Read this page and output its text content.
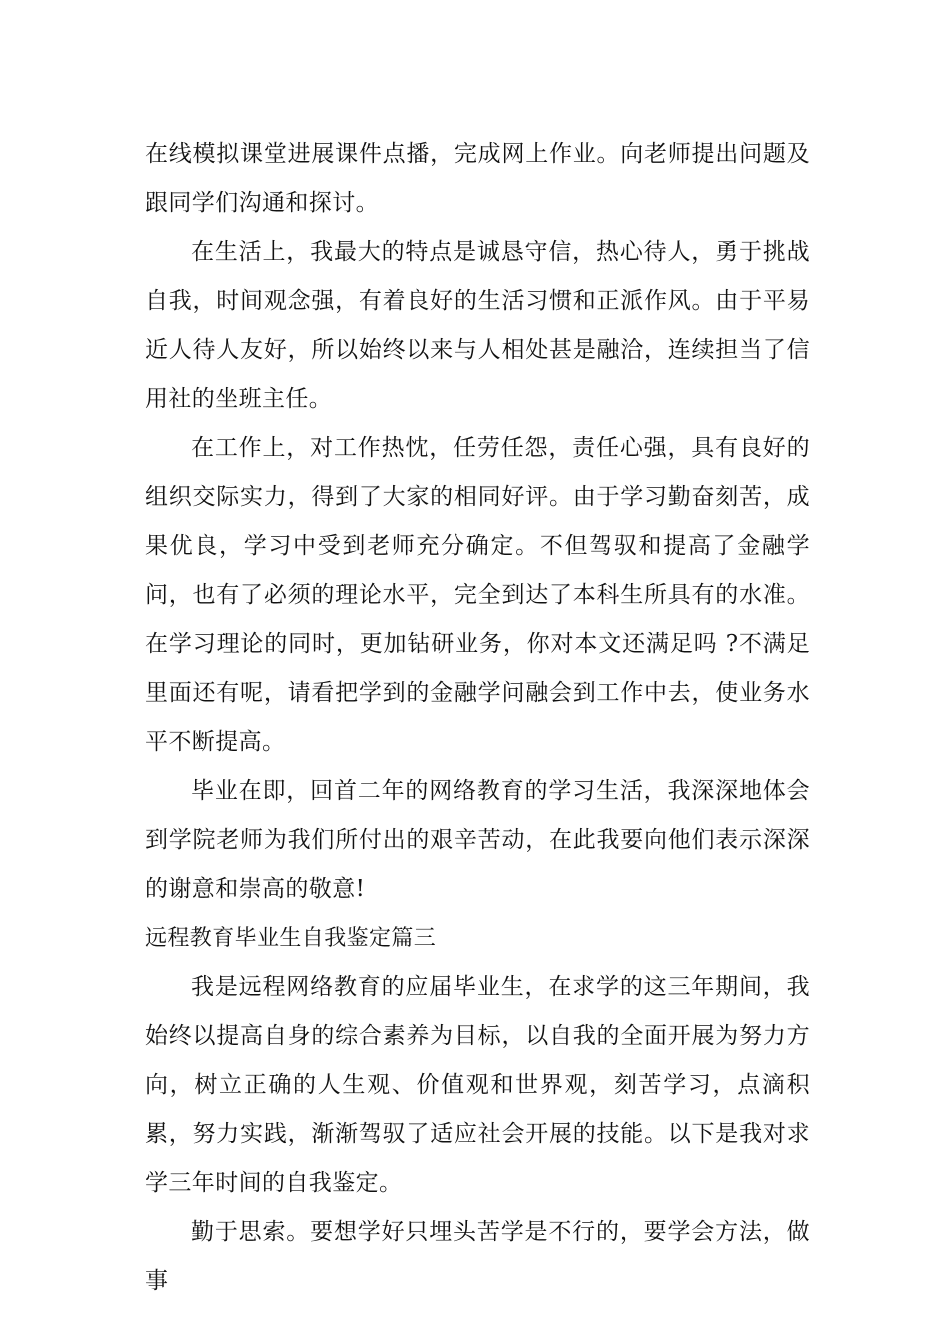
在线模拟课堂进展课件点播，完成网上作业。向老师提出问题及跟同学们沟通和探讨。

在生活上，我最大的特点是诚恳守信，热心待人，勇于挑战自我，时间观念强，有着良好的生活习惯和正派作风。由于平易近人待人友好，所以始终以来与人相处甚是融洽，连续担当了信用社的坐班主任。

在工作上，对工作热忱，任劳任怨，责任心强，具有良好的组织交际实力，得到了大家的相同好评。由于学习勤奋刻苦，成果优良，学习中受到老师充分确定。不但驾驭和提高了金融学问，也有了必须的理论水平，完全到达了本科生所具有的水准。在学习理论的同时，更加钻研业务，你对本文还满足吗 ?不满足里面还有呢，请看把学到的金融学问融会到工作中去，使业务水平不断提高。

毕业在即，回首二年的网络教育的学习生活，我深深地体会到学院老师为我们所付出的艰辛苦动，在此我要向他们表示深深的谢意和崇高的敬意!

远程教育毕业生自我鉴定篇三

我是远程网络教育的应届毕业生，在求学的这三年期间，我始终以提高自身的综合素养为目标，以自我的全面开展为努力方向，树立正确的人生观、价值观和世界观，刻苦学习，点滴积累，努力实践，渐渐驾驭了适应社会开展的技能。以下是我对求学三年时间的自我鉴定。

勤于思索。要想学好只埋头苦学是不行的，要学会方法，做事
